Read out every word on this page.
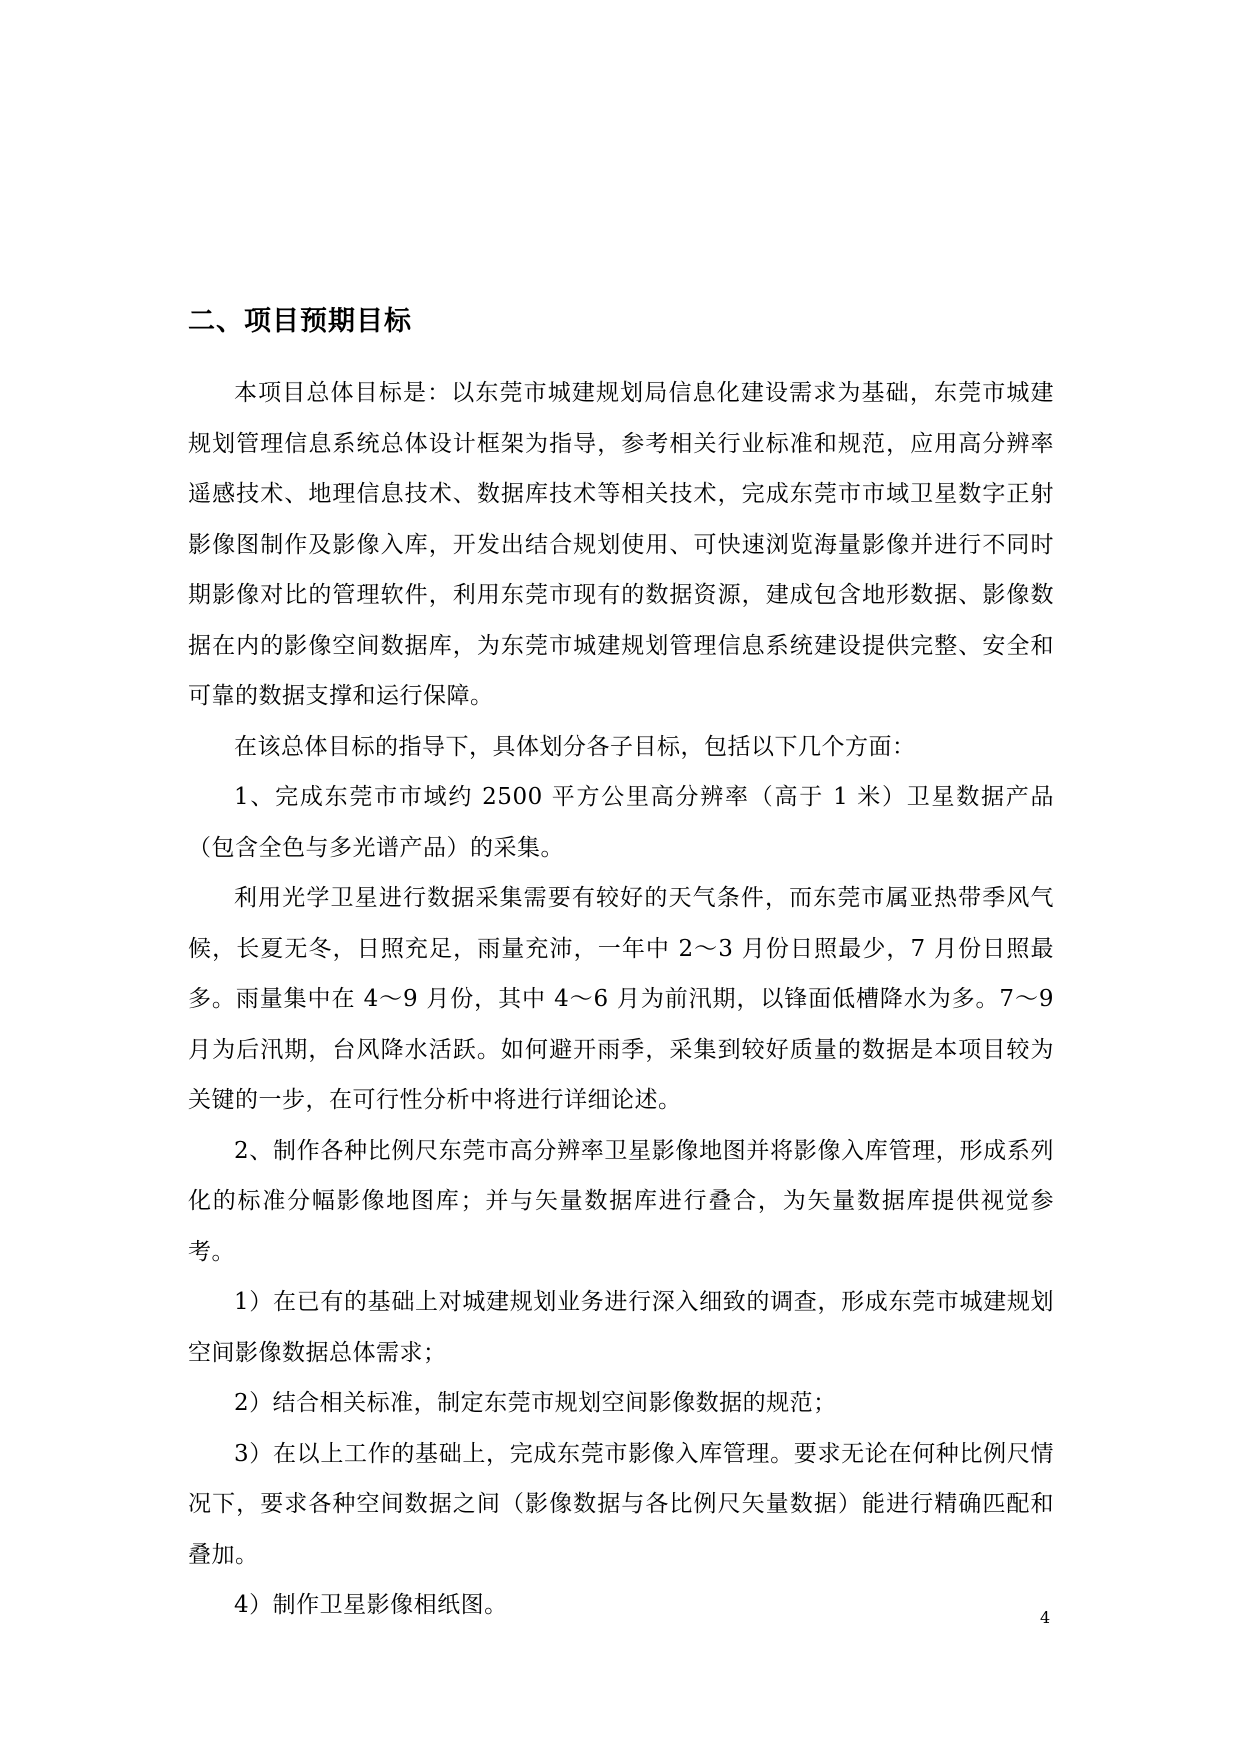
二、项目预期目标

本项目总体目标是：以东莞市城建规划局信息化建设需求为基础，东莞市城建规划管理信息系统总体设计框架为指导，参考相关行业标准和规范，应用高分辨率遥感技术、地理信息技术、数据库技术等相关技术，完成东莞市市域卫星数字正射影像图制作及影像入库，开发出结合规划使用、可快速浏览海量影像并进行不同时期影像对比的管理软件，利用东莞市现有的数据资源，建成包含地形数据、影像数据在内的影像空间数据库，为东莞市城建规划管理信息系统建设提供完整、安全和可靠的数据支撑和运行保障。

在该总体目标的指导下，具体划分各子目标，包括以下几个方面：

1、完成东莞市市域约 2500 平方公里高分辨率（高于 1 米）卫星数据产品（包含全色与多光谱产品）的采集。

利用光学卫星进行数据采集需要有较好的天气条件，而东莞市属亚热带季风气候，长夏无冬，日照充足，雨量充沛，一年中 2～3 月份日照最少，7 月份日照最多。雨量集中在 4～9 月份，其中 4～6 月为前汛期，以锋面低槽降水为多。7～9 月为后汛期，台风降水活跃。如何避开雨季，采集到较好质量的数据是本项目较为关键的一步，在可行性分析中将进行详细论述。

2、制作各种比例尺东莞市高分辨率卫星影像地图并将影像入库管理，形成系列化的标准分幅影像地图库；并与矢量数据库进行叠合，为矢量数据库提供视觉参考。

1）在已有的基础上对城建规划业务进行深入细致的调查，形成东莞市城建规划空间影像数据总体需求；

2）结合相关标准，制定东莞市规划空间影像数据的规范；

3）在以上工作的基础上，完成东莞市影像入库管理。要求无论在何种比例尺情况下，要求各种空间数据之间（影像数据与各比例尺矢量数据）能进行精确匹配和叠加。

4）制作卫星影像相纸图。	4
